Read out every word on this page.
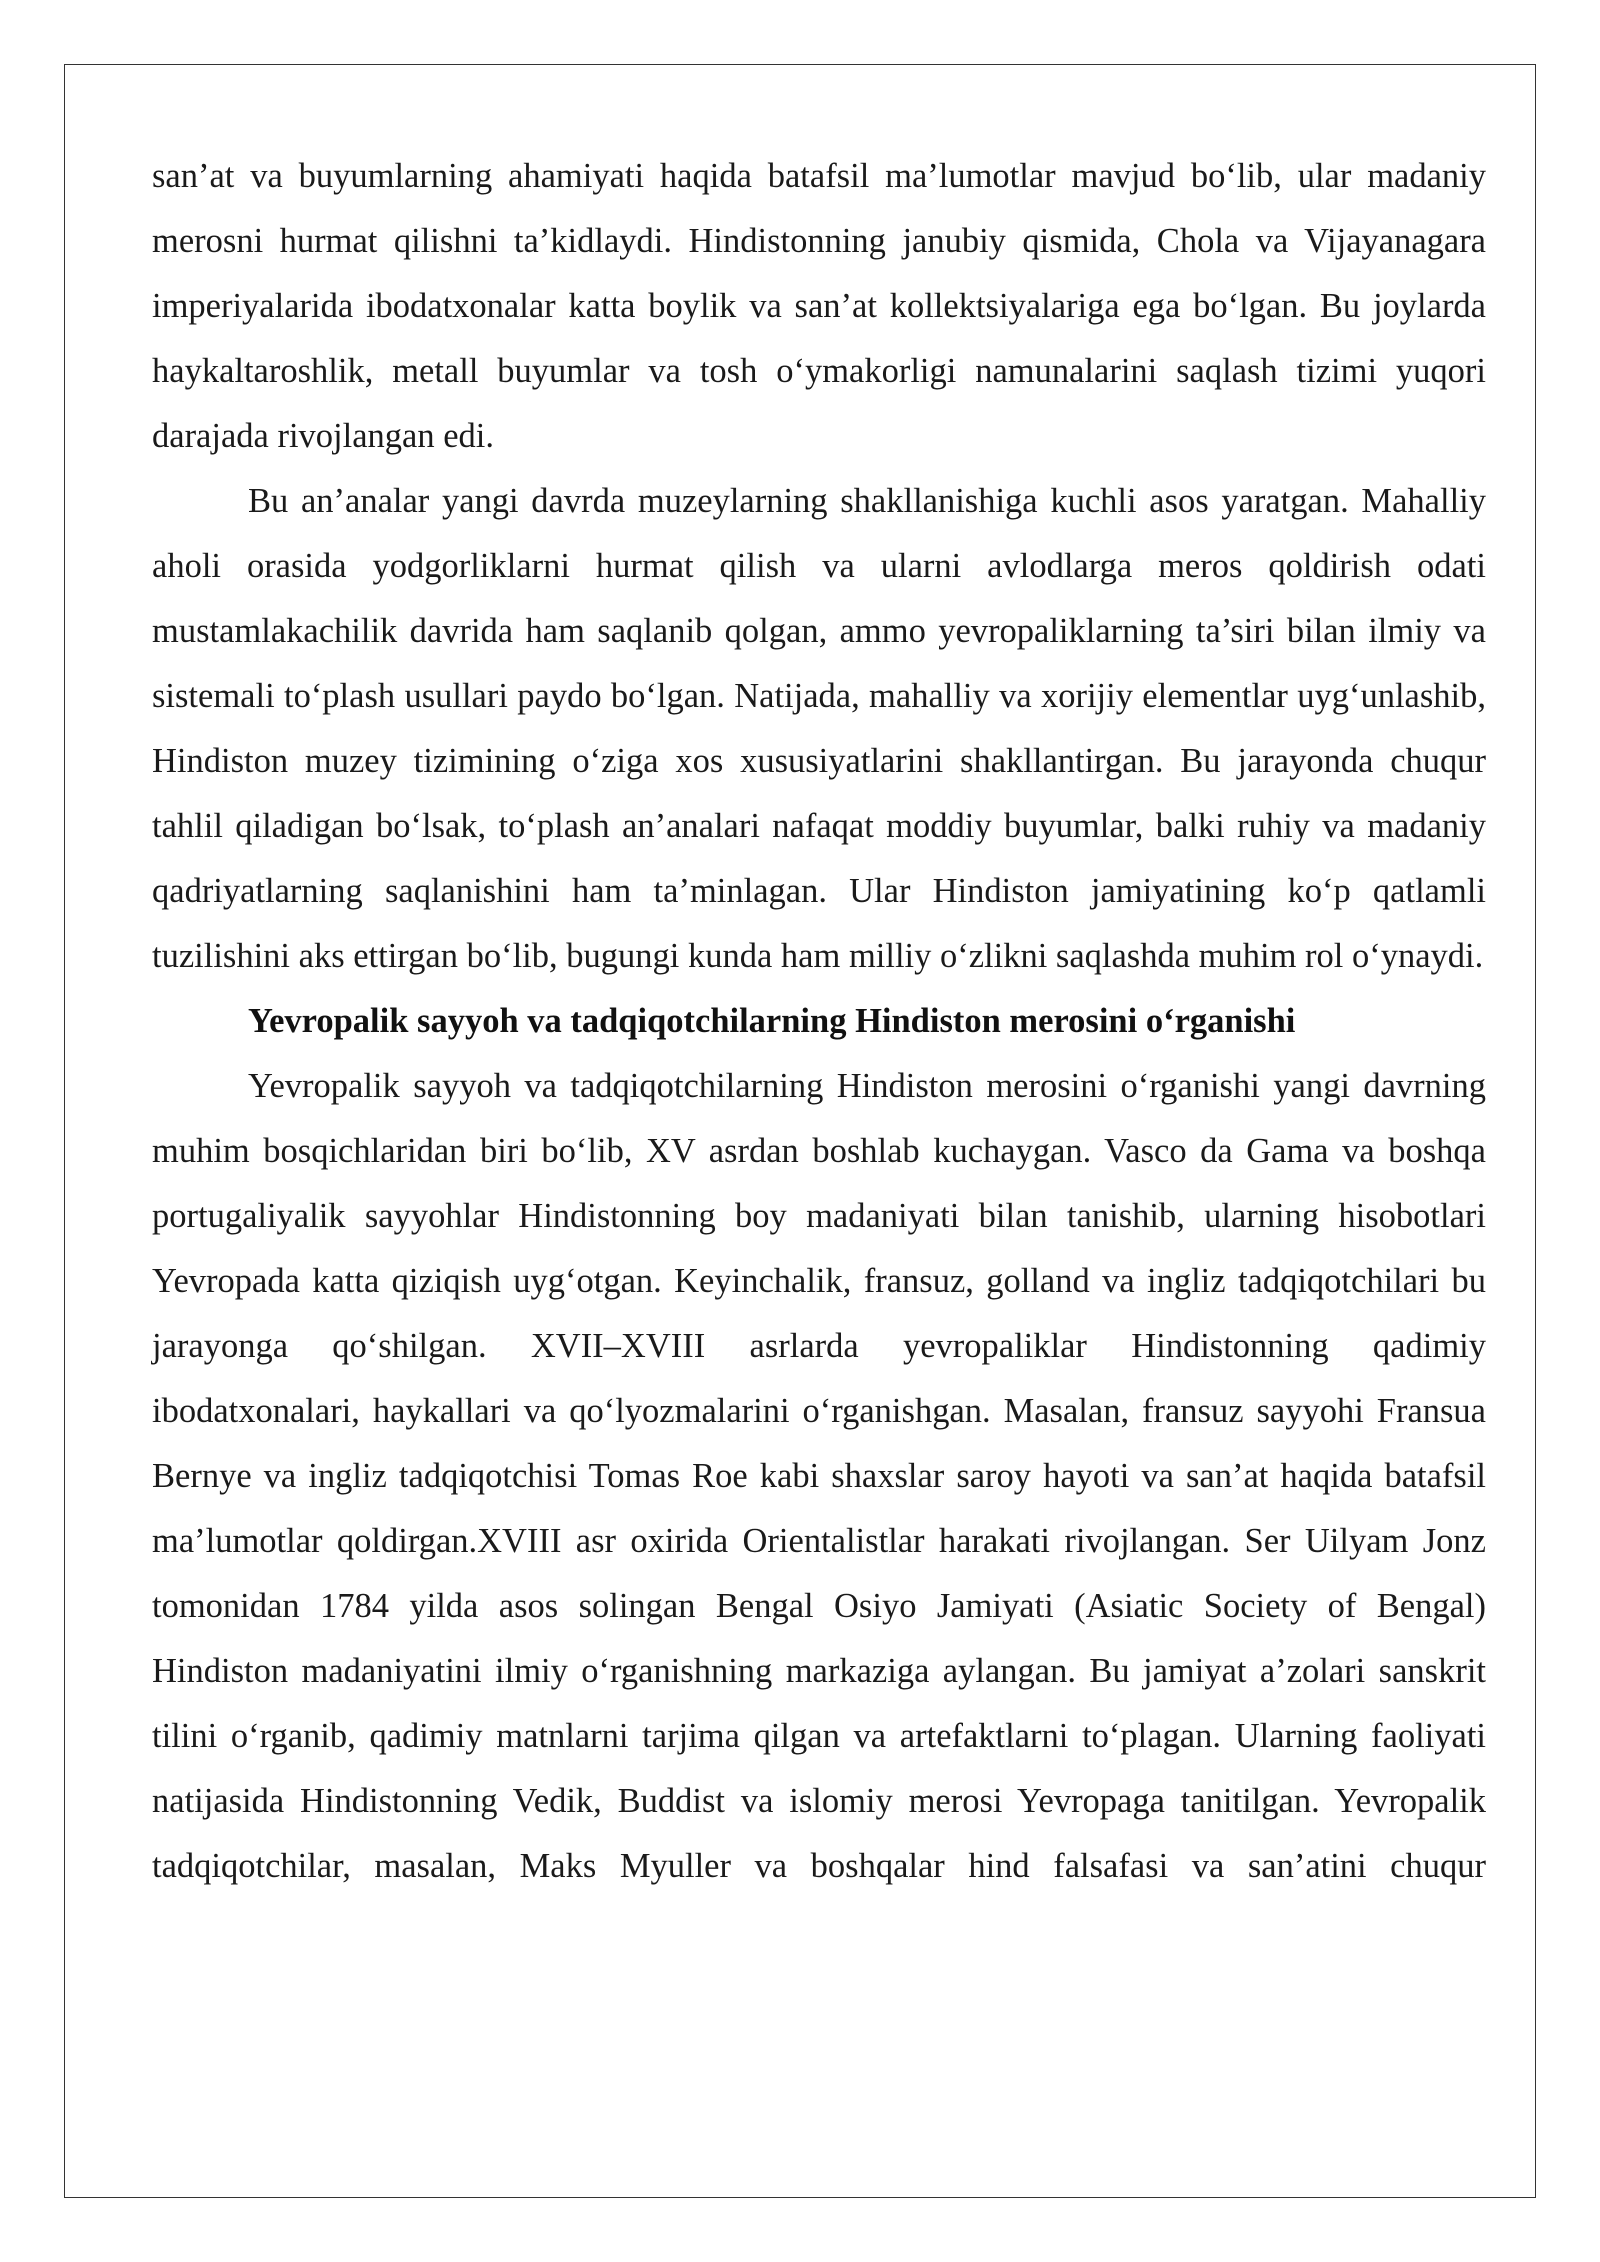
san’at va buyumlarning ahamiyati haqida batafsil ma’lumotlar mavjud bo‘lib, ular madaniy merosni hurmat qilishni ta’kidlaydi. Hindistonning janubiy qismida, Chola va Vijayanagara imperiyalarida ibodatxonalar katta boylik va san’at kollektsiyalariga ega bo‘lgan. Bu joylarda haykaltaroshlik, metall buyumlar va tosh o‘ymakorligi namunalarini saqlash tizimi yuqori darajada rivojlangan edi.

Bu an’analar yangi davrda muzeylarning shakllanishiga kuchli asos yaratgan. Mahalliy aholi orasida yodgorliklarni hurmat qilish va ularni avlodlarga meros qoldirish odati mustamlakachilik davrida ham saqlanib qolgan, ammo yevropaliklarning ta’siri bilan ilmiy va sistemali to‘plash usullari paydo bo‘lgan. Natijada, mahalliy va xorijiy elementlar uyg‘unlashib, Hindiston muzey tizimining o‘ziga xos xususiyatlarini shakllantirgan. Bu jarayonda chuqur tahlil qiladigan bo‘lsak, to‘plash an’analari nafaqat moddiy buyumlar, balki ruhiy va madaniy qadriyatlarning saqlanishini ham ta’minlagan. Ular Hindiston jamiyatining ko‘p qatlamli tuzilishini aks ettirgan bo‘lib, bugungi kunda ham milliy o‘zlikni saqlashda muhim rol o‘ynaydi.

Yevropalik sayyoh va tadqiqotchilarning Hindiston merosini o‘rganishi

Yevropalik sayyoh va tadqiqotchilarning Hindiston merosini o‘rganishi yangi davrning muhim bosqichlaridan biri bo‘lib, XV asrdan boshlab kuchaygan. Vasco da Gama va boshqa portugaliyalik sayyohlar Hindistonning boy madaniyati bilan tanishib, ularning hisobotlari Yevropada katta qiziqish uyg‘otgan. Keyinchalik, fransuz, golland va ingliz tadqiqotchilari bu jarayonga qo‘shilgan. XVII–XVIII asrlarda yevropaliklar Hindistonning qadimiy ibodatxonalari, haykallari va qo‘lyozmalarini o‘rganishgan. Masalan, fransuz sayyohi Fransua Bernye va ingliz tadqiqotchisi Tomas Roe kabi shaxslar saroy hayoti va san’at haqida batafsil ma’lumotlar qoldirgan.XVIII asr oxirida Orientalistlar harakati rivojlangan. Ser Uilyam Jonz tomonidan 1784 yilda asos solingan Bengal Osiyo Jamiyati (Asiatic Society of Bengal) Hindiston madaniyatini ilmiy o‘rganishning markaziga aylangan. Bu jamiyat a’zolari sanskrit tilini o‘rganib, qadimiy matnlarni tarjima qilgan va artefaktlarni to‘plagan. Ularning faoliyati natijasida Hindistonning Vedik, Buddist va islomiy merosi Yevropaga tanitilgan. Yevropalik tadqiqotchilar, masalan, Maks Myuller va boshqalar hind falsafasi va san’atini chuqur
